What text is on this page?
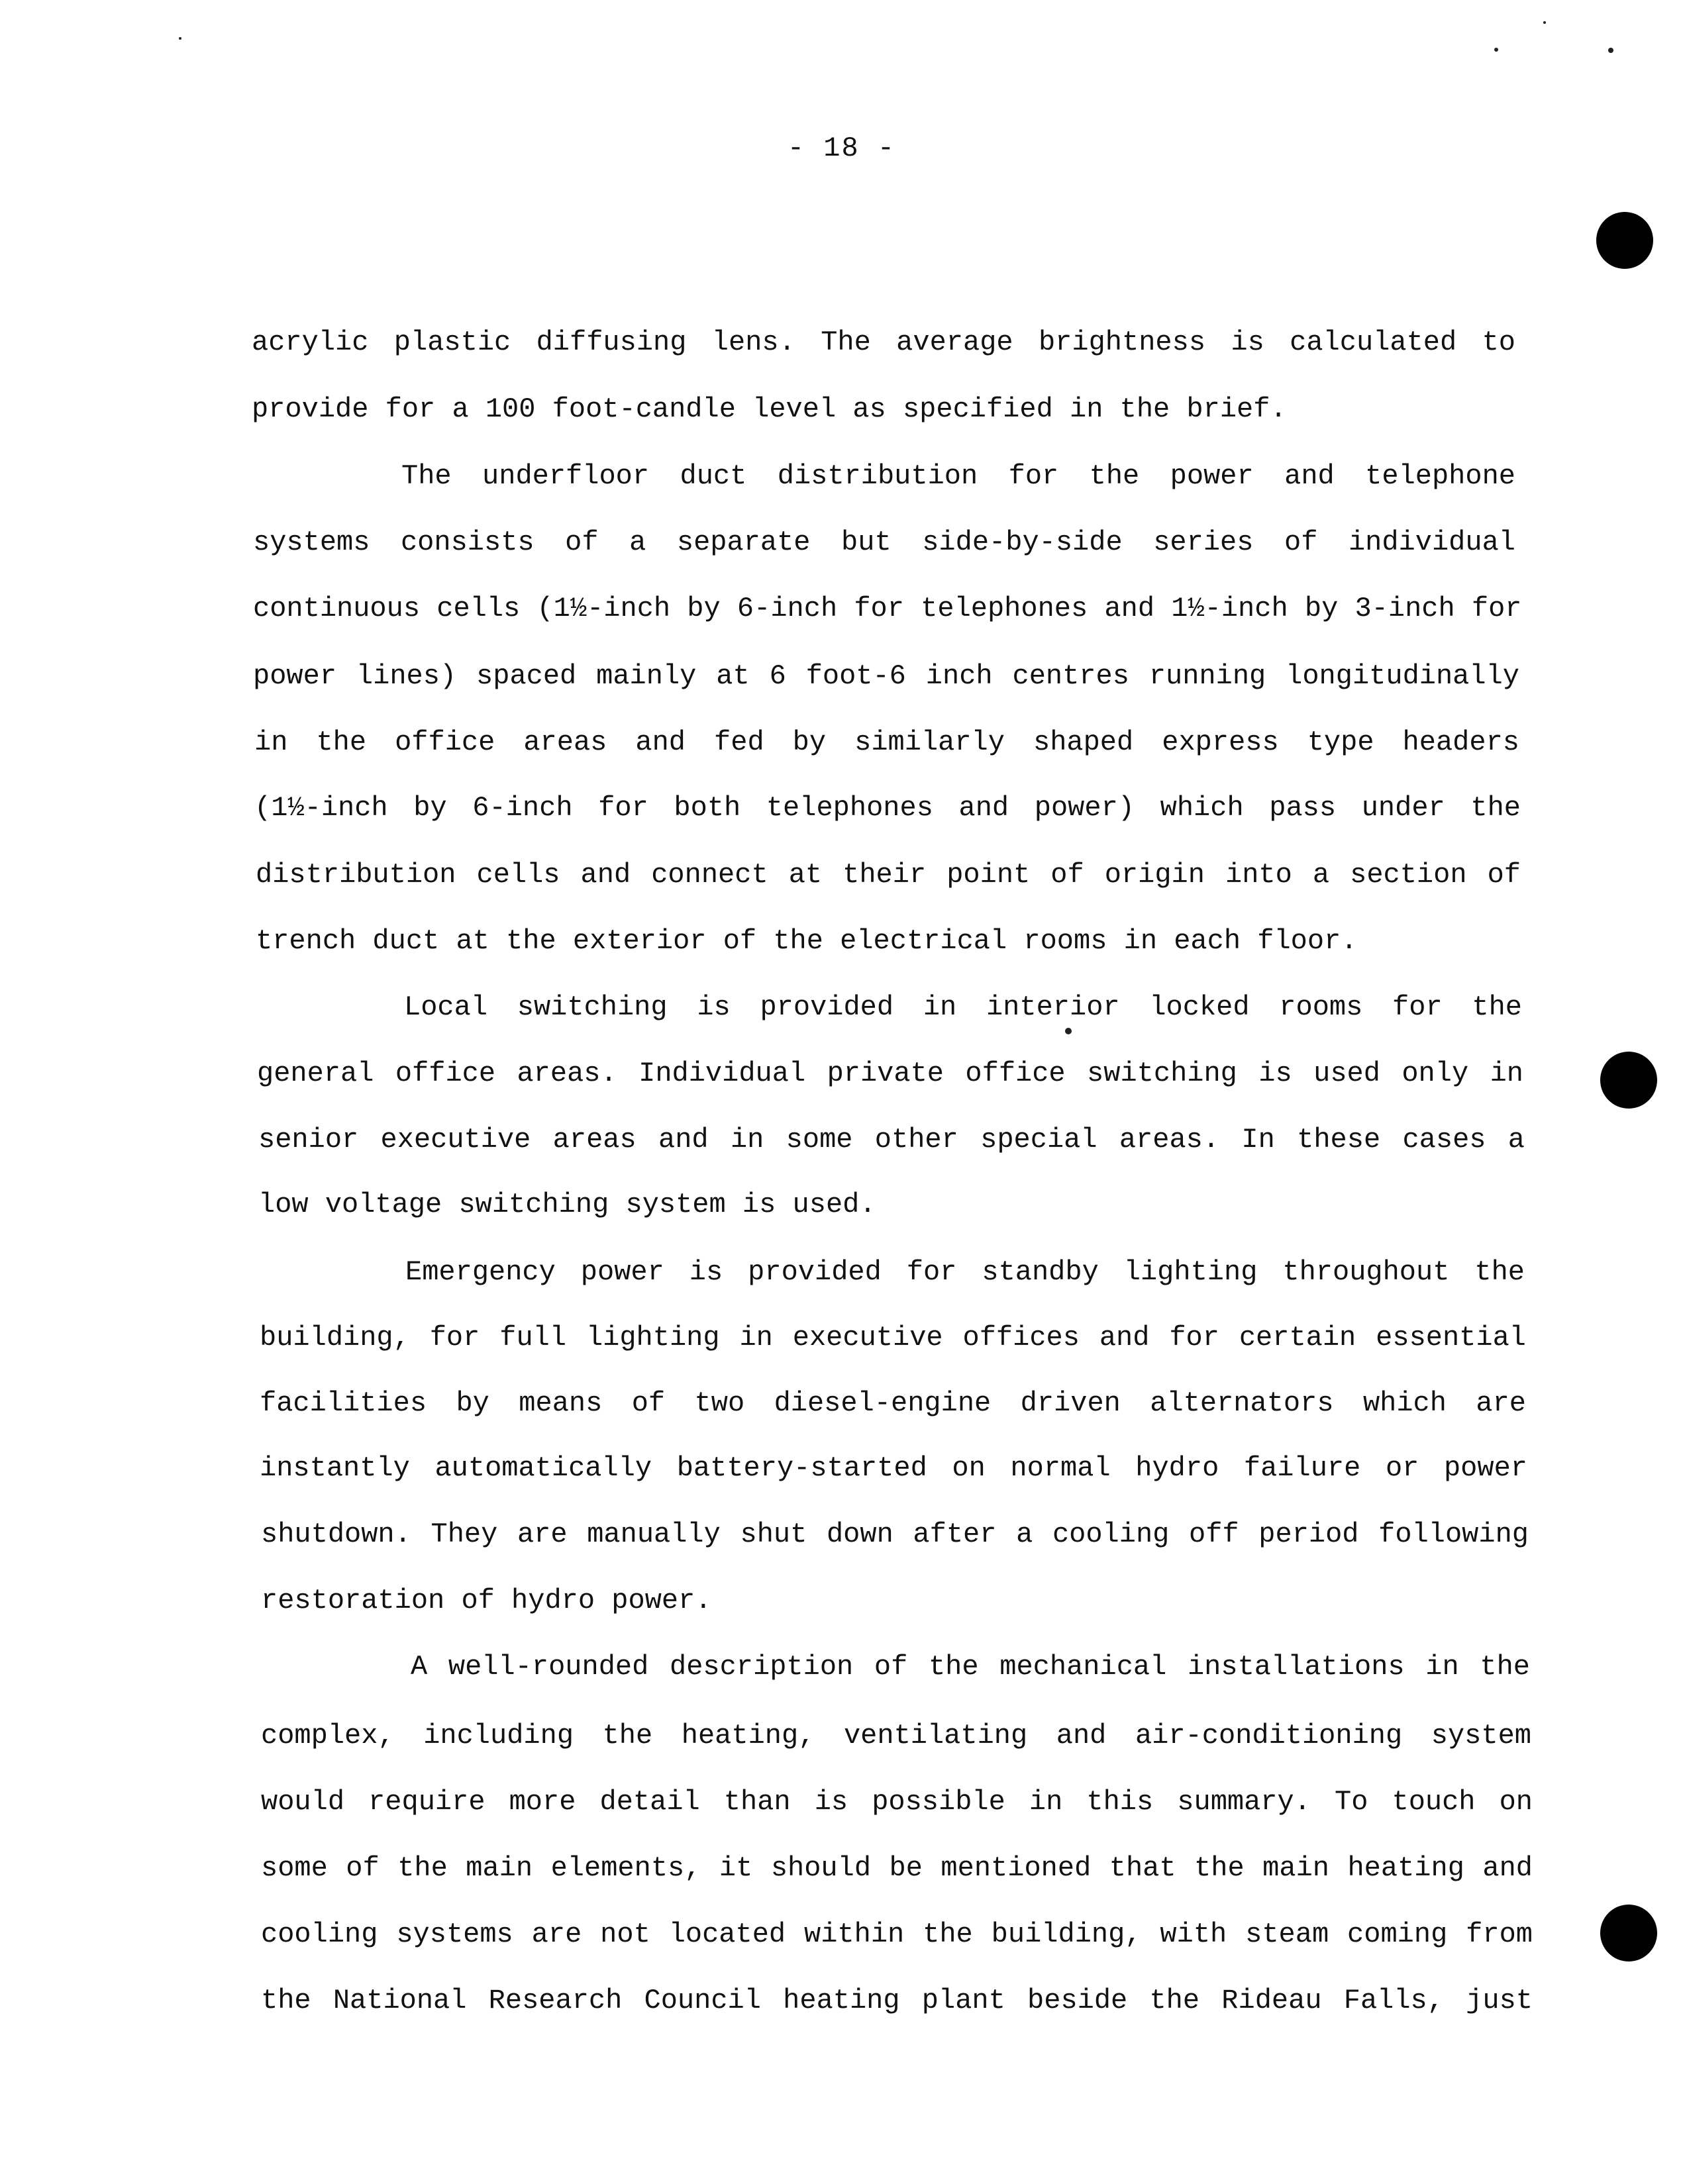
- 18 -
acrylic plastic diffusing lens. The average brightness is calculated to
provide for a 100 foot-candle level as specified in the brief.
The underfloor duct distribution for the power and telephone
systems consists of a separate but side-by-side series of individual
continuous cells (1½-inch by 6-inch for telephones and 1½-inch by 3-inch for
power lines) spaced mainly at 6 foot-6 inch centres running longitudinally
in the office areas and fed by similarly shaped express type headers
(1½-inch by 6-inch for both telephones and power) which pass under the
distribution cells and connect at their point of origin into a section of
trench duct at the exterior of the electrical rooms in each floor.
Local switching is provided in interior locked rooms for the
general office areas. Individual private office switching is used only in
senior executive areas and in some other special areas. In these cases a
low voltage switching system is used.
Emergency power is provided for standby lighting throughout the
building, for full lighting in executive offices and for certain essential
facilities by means of two diesel-engine driven alternators which are
instantly automatically battery-started on normal hydro failure or power
shutdown. They are manually shut down after a cooling off period following
restoration of hydro power.
A well-rounded description of the mechanical installations in the
complex, including the heating, ventilating and air-conditioning system
would require more detail than is possible in this summary. To touch on
some of the main elements, it should be mentioned that the main heating and
cooling systems are not located within the building, with steam coming from
the National Research Council heating plant beside the Rideau Falls, just
